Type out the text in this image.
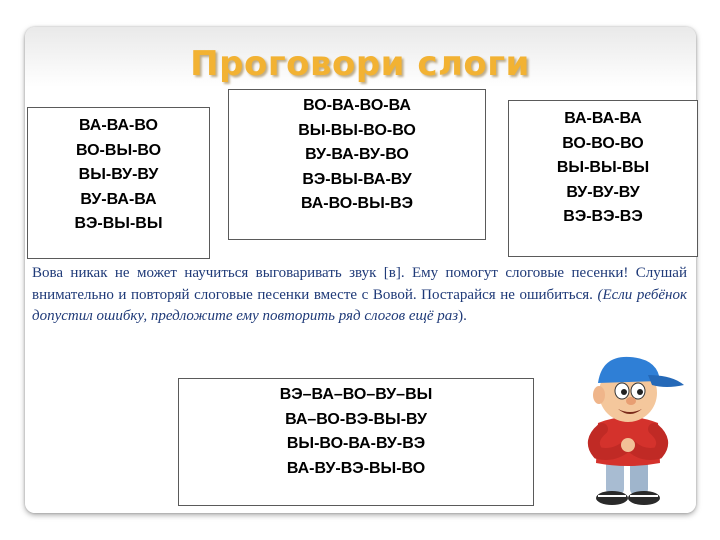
Проговори слоги
ВА-ВА-ВО
ВО-ВЫ-ВО
ВЫ-ВУ-ВУ
ВУ-ВА-ВА
ВЭ-ВЫ-ВЫ
ВО-ВА-ВО-ВА
ВЫ-ВЫ-ВО-ВО
ВУ-ВА-ВУ-ВО
ВЭ-ВЫ-ВА-ВУ
ВА-ВО-ВЫ-ВЭ
ВА-ВА-ВА
ВО-ВО-ВО
ВЫ-ВЫ-ВЫ
ВУ-ВУ-ВУ
ВЭ-ВЭ-ВЭ
Вова никак не может научиться выговаривать звук [в]. Ему помогут слоговые песенки! Слушай внимательно и повторяй слоговые песенки вместе с Вовой. Постарайся не ошибиться. (Если ребёнок допустил ошибку, предложите ему повторить ряд слогов ещё раз).
ВЭ–ВА–ВО–ВУ–ВЫ
ВА–ВО-ВЭ-ВЫ-ВУ
ВЫ-ВО-ВА-ВУ-ВЭ
ВА-ВУ-ВЭ-ВЫ-ВО
